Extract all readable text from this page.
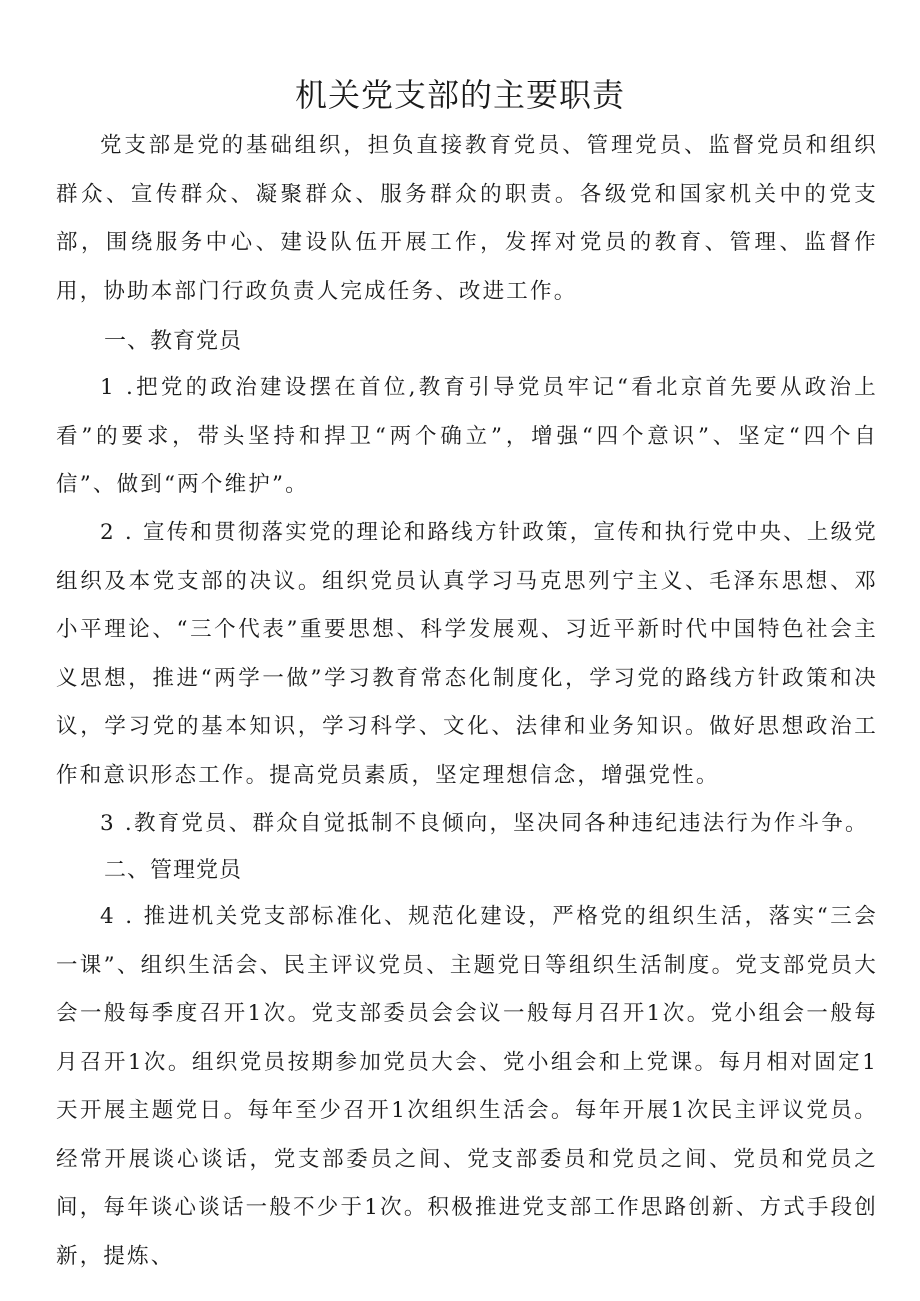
机关党支部的主要职责

党支部是党的基础组织，担负直接教育党员、管理党员、监督党员和组织群众、宣传群众、凝聚群众、服务群众的职责。各级党和国家机关中的党支部，围绕服务中心、建设队伍开展工作，发挥对党员的教育、管理、监督作用，协助本部门行政负责人完成任务、改进工作。

一、教育党员

1 .把党的政治建设摆在首位,教育引导党员牢记“看北京首先要从政治上看”的要求，带头坚持和捍卫“两个确立”，增强“四个意识”、坚定“四个自信”、做到“两个维护”。

2 . 宣传和贯彻落实党的理论和路线方针政策，宣传和执行党中央、上级党组织及本党支部的决议。组织党员认真学习马克思列宁主义、毛泽东思想、邓小平理论、“三个代表”重要思想、科学发展观、习近平新时代中国特色社会主义思想，推进“两学一做”学习教育常态化制度化，学习党的路线方针政策和决议，学习党的基本知识，学习科学、文化、法律和业务知识。做好思想政治工作和意识形态工作。提高党员素质，坚定理想信念，增强党性。

3 .教育党员、群众自觉抵制不良倾向，坚决同各种违纪违法行为作斗争。

二、管理党员

4 . 推进机关党支部标准化、规范化建设，严格党的组织生活，落实“三会一课”、组织生活会、民主评议党员、主题党日等组织生活制度。党支部党员大会一般每季度召开1次。党支部委员会会议一般每月召开1次。党小组会一般每月召开1次。组织党员按期参加党员大会、党小组会和上党课。每月相对固定1天开展主题党日。每年至少召开1次组织生活会。每年开展1次民主评议党员。经常开展谈心谈话，党支部委员之间、党支部委员和党员之间、党员和党员之间，每年谈心谈话一般不少于1次。积极推进党支部工作思路创新、方式手段创新，提炼、
